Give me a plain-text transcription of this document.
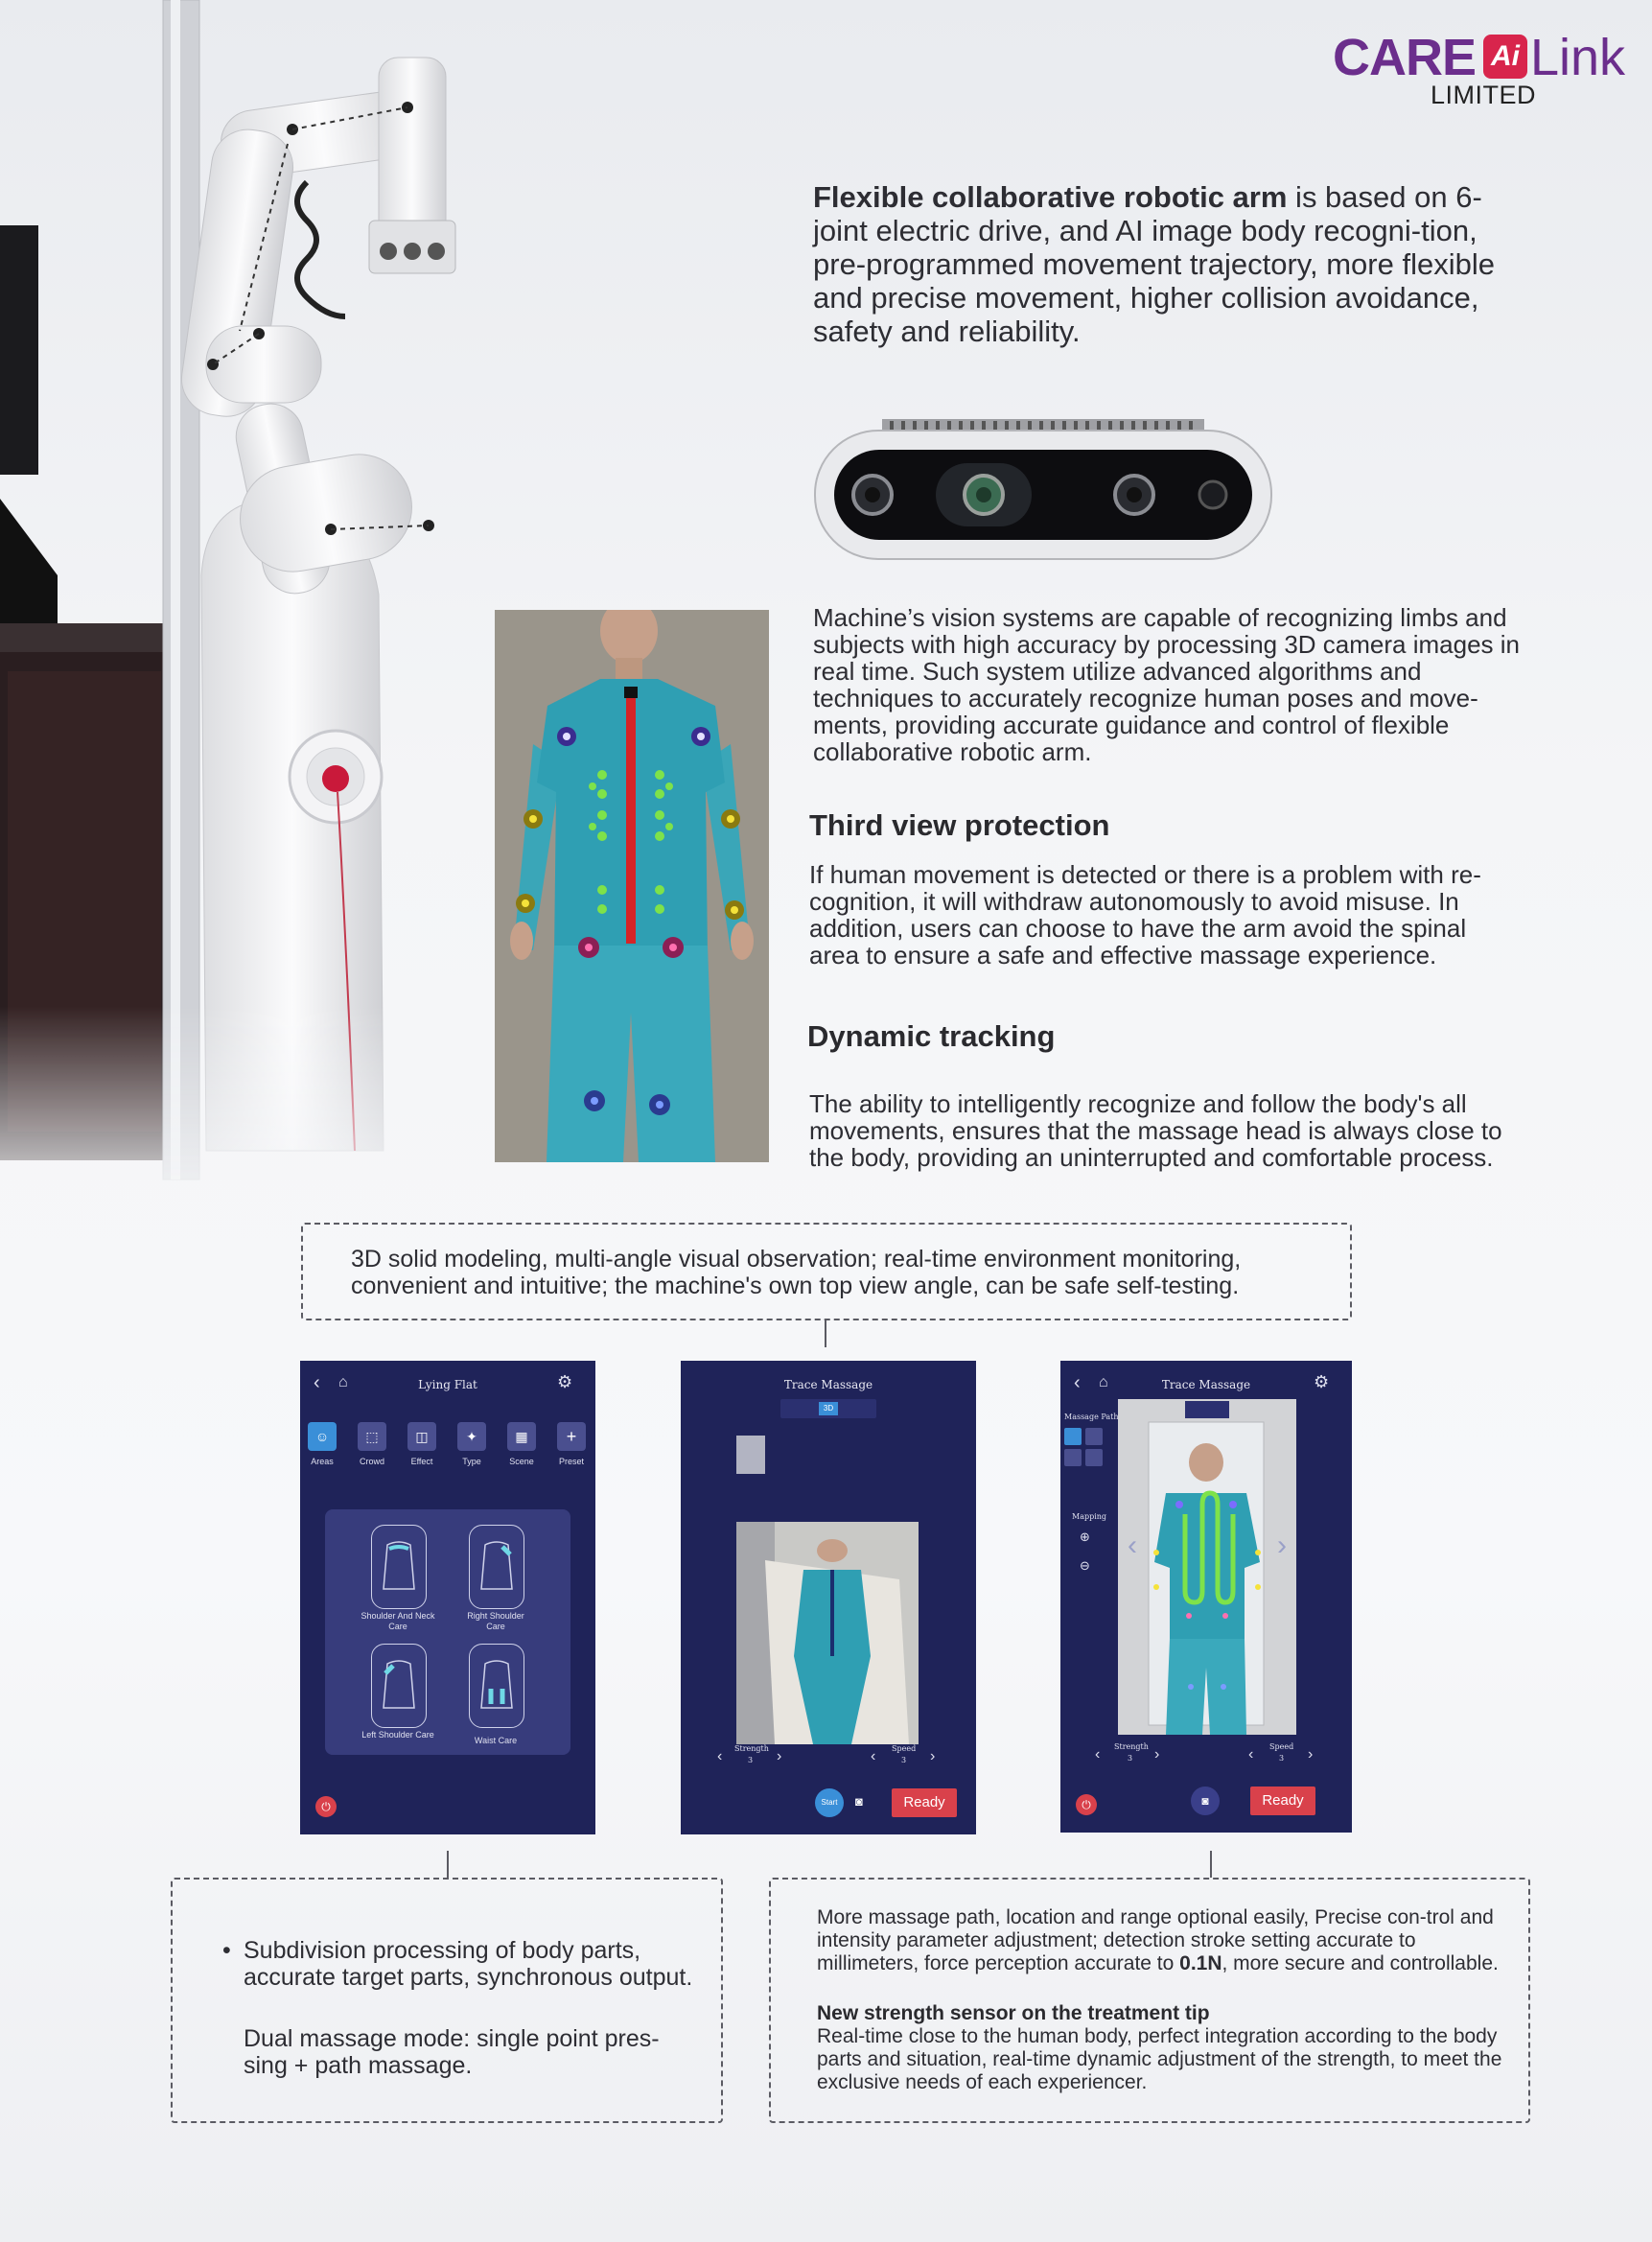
CARE Ai Link
LIMITED
Flexible collaborative robotic arm is based on 6-joint electric drive, and AI image body recogni-tion, pre-programmed movement trajectory, more flexible and precise movement, higher collision avoidance, safety and reliability.
Machine’s vision systems are capable of recognizing limbs and subjects with high accuracy by processing 3D camera images in real time. Such system utilize advanced algorithms and techniques to accurately recognize human poses and move-ments, providing accurate guidance and control of flexible collaborative robotic arm.
Third view protection
If human movement is detected or there is a problem with re-cognition, it will withdraw autonomously to avoid misuse. In addition, users can choose to have the arm avoid the spinal area to ensure a safe and effective massage experience.
Dynamic tracking
The ability to intelligently recognize and follow the body's all movements, ensures that the massage head is always close to the body, providing an uninterrupted and comfortable process.
3D solid modeling, multi-angle visual observation; real-time environment monitoring, convenient and intuitive; the machine's own top view angle, can be safe self-testing.
‹ ⌂	Lying Flat	⚙
☺	⬚	◫	✦	▦	+
Areas	Crowd	Effect	Type	Scene	Preset
Shoulder And Neck Care
Right Shoulder Care
Left Shoulder Care
Waist Care
⏻
Trace Massage
3D
Strength
3
‹	›	Speed
3
‹	›
Start	◙	Ready
‹ ⌂	Trace Massage	⚙
Massage Path
Mapping
⊕
⊖
‹	›
Strength
3
‹	›	Speed
3
‹	›
⏻	◙	Ready
• Subdivision processing of body parts, accurate target parts, synchronous output.
Dual massage mode: single point pres-sing + path massage.
More massage path, location and range optional easily, Precise con-trol and intensity parameter adjustment; detection stroke setting accurate to millimeters, force perception accurate to 0.1N, more secure and controllable.
New strength sensor on the treatment tip
Real-time close to the human body, perfect integration according to the body parts and situation, real-time dynamic adjustment of the strength, to meet the exclusive needs of each experiencer.
